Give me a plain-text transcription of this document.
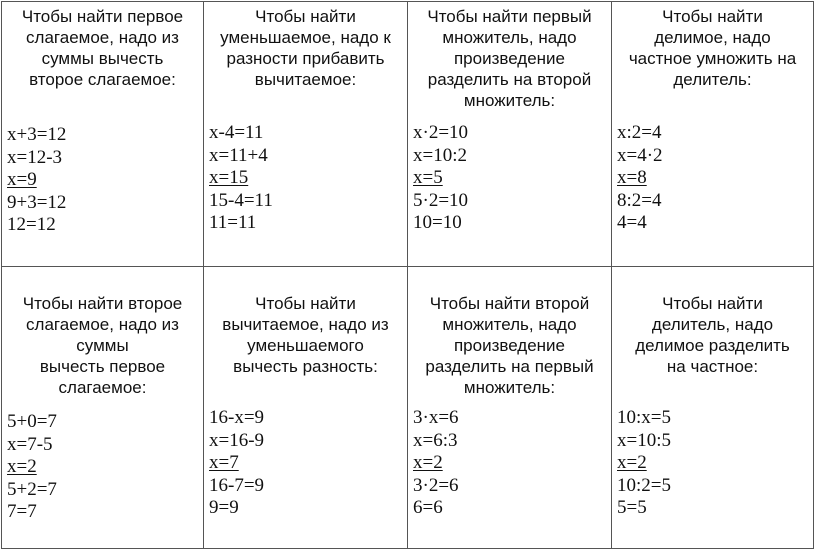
Чтобы найти первое
слагаемое, надо из
суммы вычесть
второе слагаемое:
x+3=12
x=12-3
x=9
9+3=12
12=12
Чтобы найти
уменьшаемое, надо к
разности прибавить
вычитаемое:
x-4=11
x=11+4
x=15
15-4=11
11=11
Чтобы найти первый
множитель, надо
произведение
разделить на второй
множитель:
x·2=10
x=10:2
x=5
5·2=10
10=10
Чтобы найти
делимое, надо
частное умножить на
делитель:
x:2=4
x=4·2
x=8
8:2=4
4=4
Чтобы найти второе
слагаемое, надо из
суммы
вычесть первое
слагаемое:
5+0=7
x=7-5
x=2
5+2=7
7=7
Чтобы найти
вычитаемое, надо из
уменьшаемого
вычесть разность:
16-x=9
x=16-9
x=7
16-7=9
9=9
Чтобы найти второй
множитель, надо
произведение
разделить на первый
множитель:
3·x=6
x=6:3
x=2
3·2=6
6=6
Чтобы найти
делитель, надо
делимое разделить
на частное:
10:x=5
x=10:5
x=2
10:2=5
5=5
